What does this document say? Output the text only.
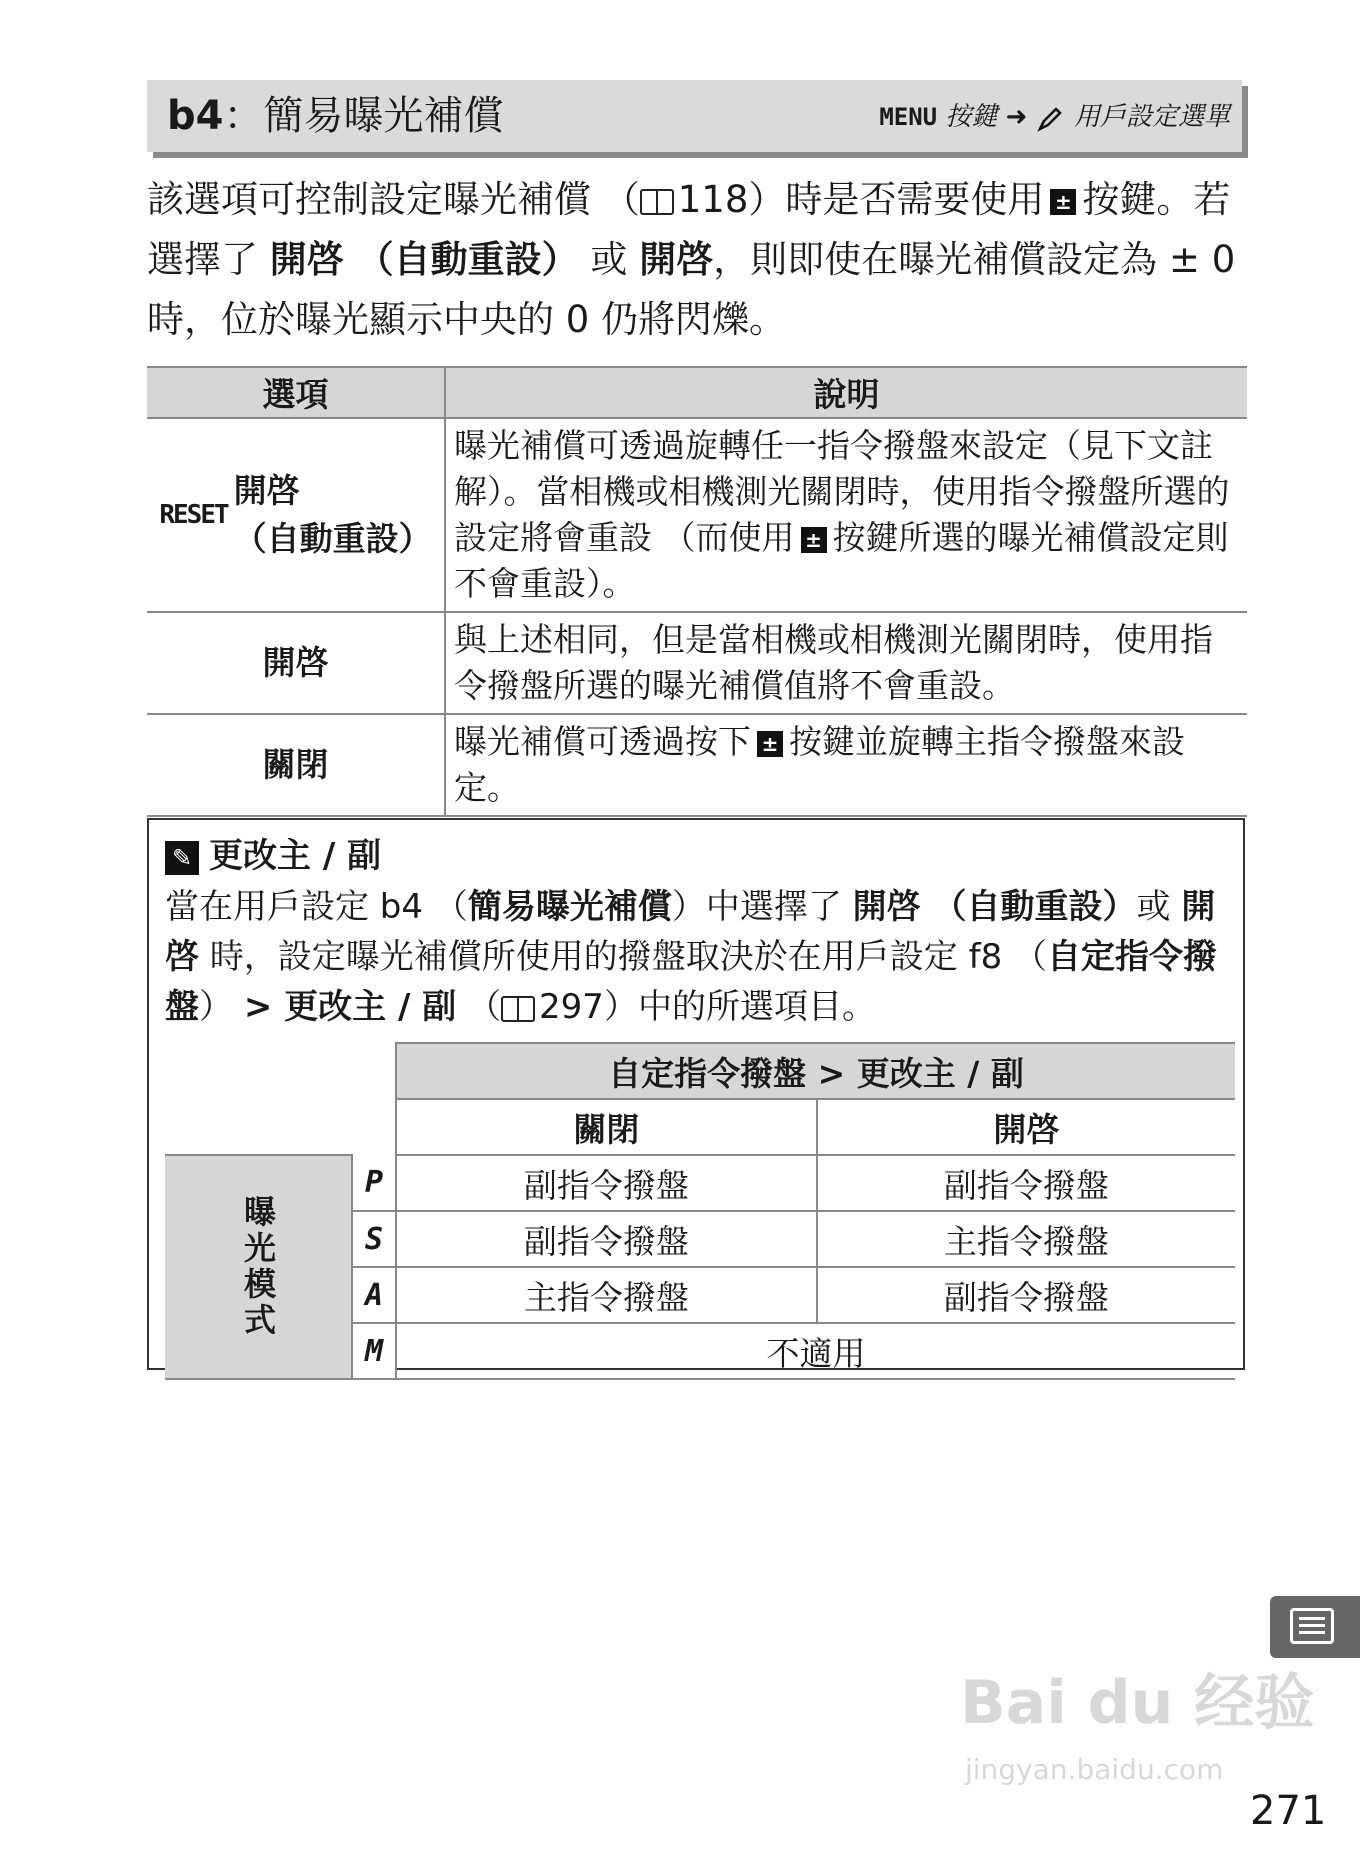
b4：簡易曝光補償	MENU 按鍵 ➜ 用戶設定選單
該選項可控制設定曝光補償 （ 118）時是否需要使用 ± 按鍵。若選擇了 開啓 （自動重設） 或 開啓，則即使在曝光補償設定為 ± 0 時，位於曝光顯示中央的 0 仍將閃爍。
選項	說明

RESET
開啓
（自動重設）	曝光補償可透過旋轉任一指令撥盤來設定（見下文註解）。當相機或相機測光關閉時，使用指令撥盤所選的設定將會重設 （而使用 ± 按鍵所選的曝光補償設定則不會重設）。

開啓	與上述相同，但是當相機或相機測光關閉時，使用指令撥盤所選的曝光補償值將不會重設。

關閉	曝光補償可透過按下 ± 按鍵並旋轉主指令撥盤來設定。
✎ 更改主 / 副
當在用戶設定 b4 （簡易曝光補償）中選擇了 開啓 （自動重設）或 開啓 時，設定曝光補償所使用的撥盤取決於在用戶設定 f8 （自定指令撥盤） > 更改主 / 副 （ 297）中的所選項目。
		自定指令撥盤 > 更改主 / 副	
		關閉	開啓

曝光模式	P	副指令撥盤	副指令撥盤
	S	副指令撥盤	主指令撥盤
	A	主指令撥盤	副指令撥盤
	M	不適用	
Bai du 经验
jingyan.baidu.com
271
